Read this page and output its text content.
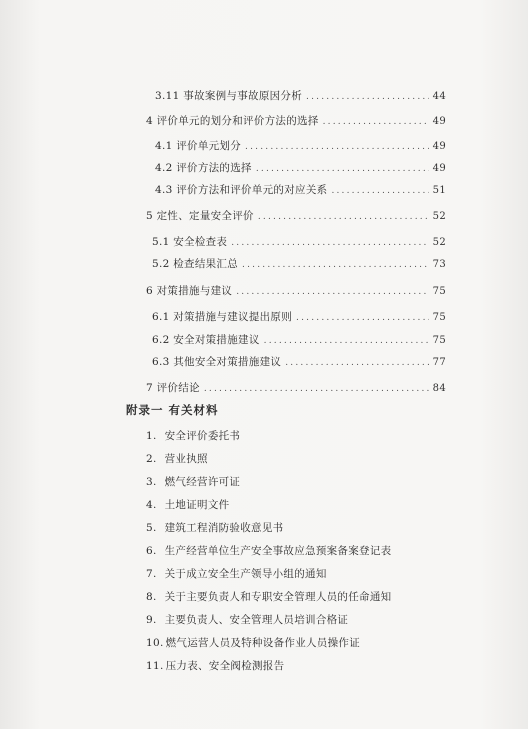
3.11 事故案例与事故原因分析 .....	44
4 评价单元的划分和评价方法的选择 .....	49
4.1 评价单元划分 .....	49
4.2 评价方法的选择 .....	49
4.3 评价方法和评价单元的对应关系 .....	51
5 定性、定量安全评价 .....	52
5.1 安全检查表 .....	52
5.2 检查结果汇总 .....	73
6 对策措施与建议 .....	75
6.1 对策措施与建议提出原则 .....	75
6.2 安全对策措施建议 .....	75
6.3 其他安全对策措施建议 .....	77
7 评价结论 .....	84
附录一 有关材料
1. 安全评价委托书
2. 营业执照
3. 燃气经营许可证
4. 土地证明文件
5. 建筑工程消防验收意见书
6. 生产经营单位生产安全事故应急预案备案登记表
7. 关于成立安全生产领导小组的通知
8. 关于主要负责人和专职安全管理人员的任命通知
9. 主要负责人、安全管理人员培训合格证
10. 燃气运营人员及特种设备作业人员操作证
11. 压力表、安全阀检测报告
